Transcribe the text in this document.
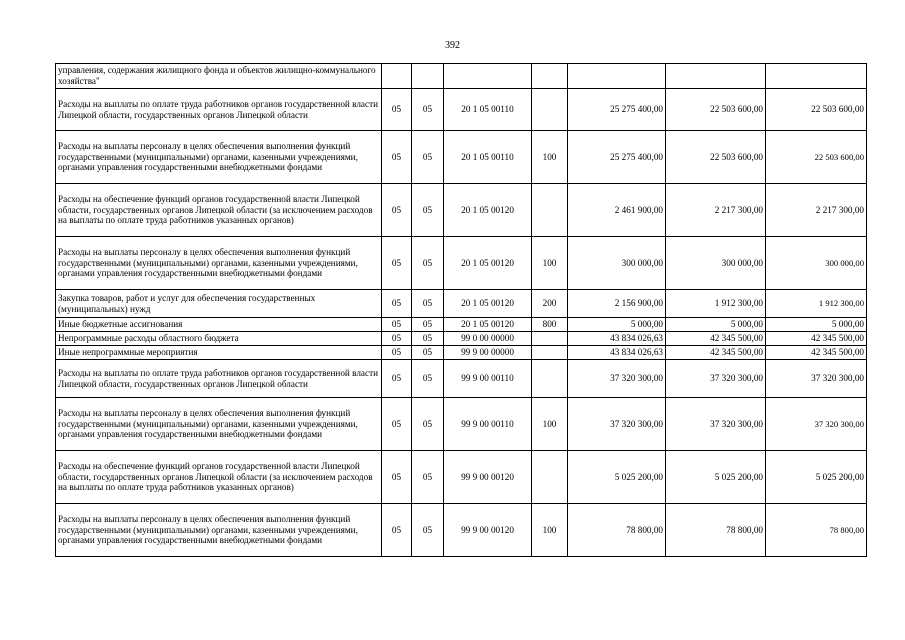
392
управления, содержания жилищного фонда и объектов жилищно-коммунального хозяйства"							
Расходы на выплаты по оплате труда работников органов государственной власти Липецкой области, государственных органов Липецкой области	05	05	20 1 05 00110		25 275 400,00	22 503 600,00	22 503 600,00
Расходы на выплаты персоналу в целях обеспечения выполнения функций государственными (муниципальными) органами, казенными учреждениями, органами управления государственными внебюджетными фондами	05	05	20 1 05 00110	100	25 275 400,00	22 503 600,00	22 503 600,00
Расходы на обеспечение функций органов государственной власти Липецкой области, государственных органов Липецкой области (за исключением расходов на выплаты по оплате труда работников указанных органов)	05	05	20 1 05 00120		2 461 900,00	2 217 300,00	2 217 300,00
Расходы на выплаты персоналу в целях обеспечения выполнения функций государственными (муниципальными) органами, казенными учреждениями, органами управления государственными внебюджетными фондами	05	05	20 1 05 00120	100	300 000,00	300 000,00	300 000,00
Закупка товаров, работ и услуг для обеспечения государственных (муниципальных) нужд	05	05	20 1 05 00120	200	2 156 900,00	1 912 300,00	1 912 300,00
Иные бюджетные ассигнования	05	05	20 1 05 00120	800	5 000,00	5 000,00	5 000,00
Непрограммные расходы областного бюджета	05	05	99 0 00 00000		43 834 026,63	42 345 500,00	42 345 500,00
Иные непрограммные мероприятия	05	05	99 9 00 00000		43 834 026,63	42 345 500,00	42 345 500,00
Расходы на выплаты по оплате труда работников органов государственной власти Липецкой области, государственных органов Липецкой области	05	05	99 9 00 00110		37 320 300,00	37 320 300,00	37 320 300,00
Расходы на выплаты персоналу в целях обеспечения выполнения функций государственными (муниципальными) органами, казенными учреждениями, органами управления государственными внебюджетными фондами	05	05	99 9 00 00110	100	37 320 300,00	37 320 300,00	37 320 300,00
Расходы на обеспечение функций органов государственной власти Липецкой области, государственных органов Липецкой области (за исключением расходов на выплаты по оплате труда работников указанных органов)	05	05	99 9 00 00120		5 025 200,00	5 025 200,00	5 025 200,00
Расходы на выплаты персоналу в целях обеспечения выполнения функций государственными (муниципальными) органами, казенными учреждениями, органами управления государственными внебюджетными фондами	05	05	99 9 00 00120	100	78 800,00	78 800,00	78 800,00
